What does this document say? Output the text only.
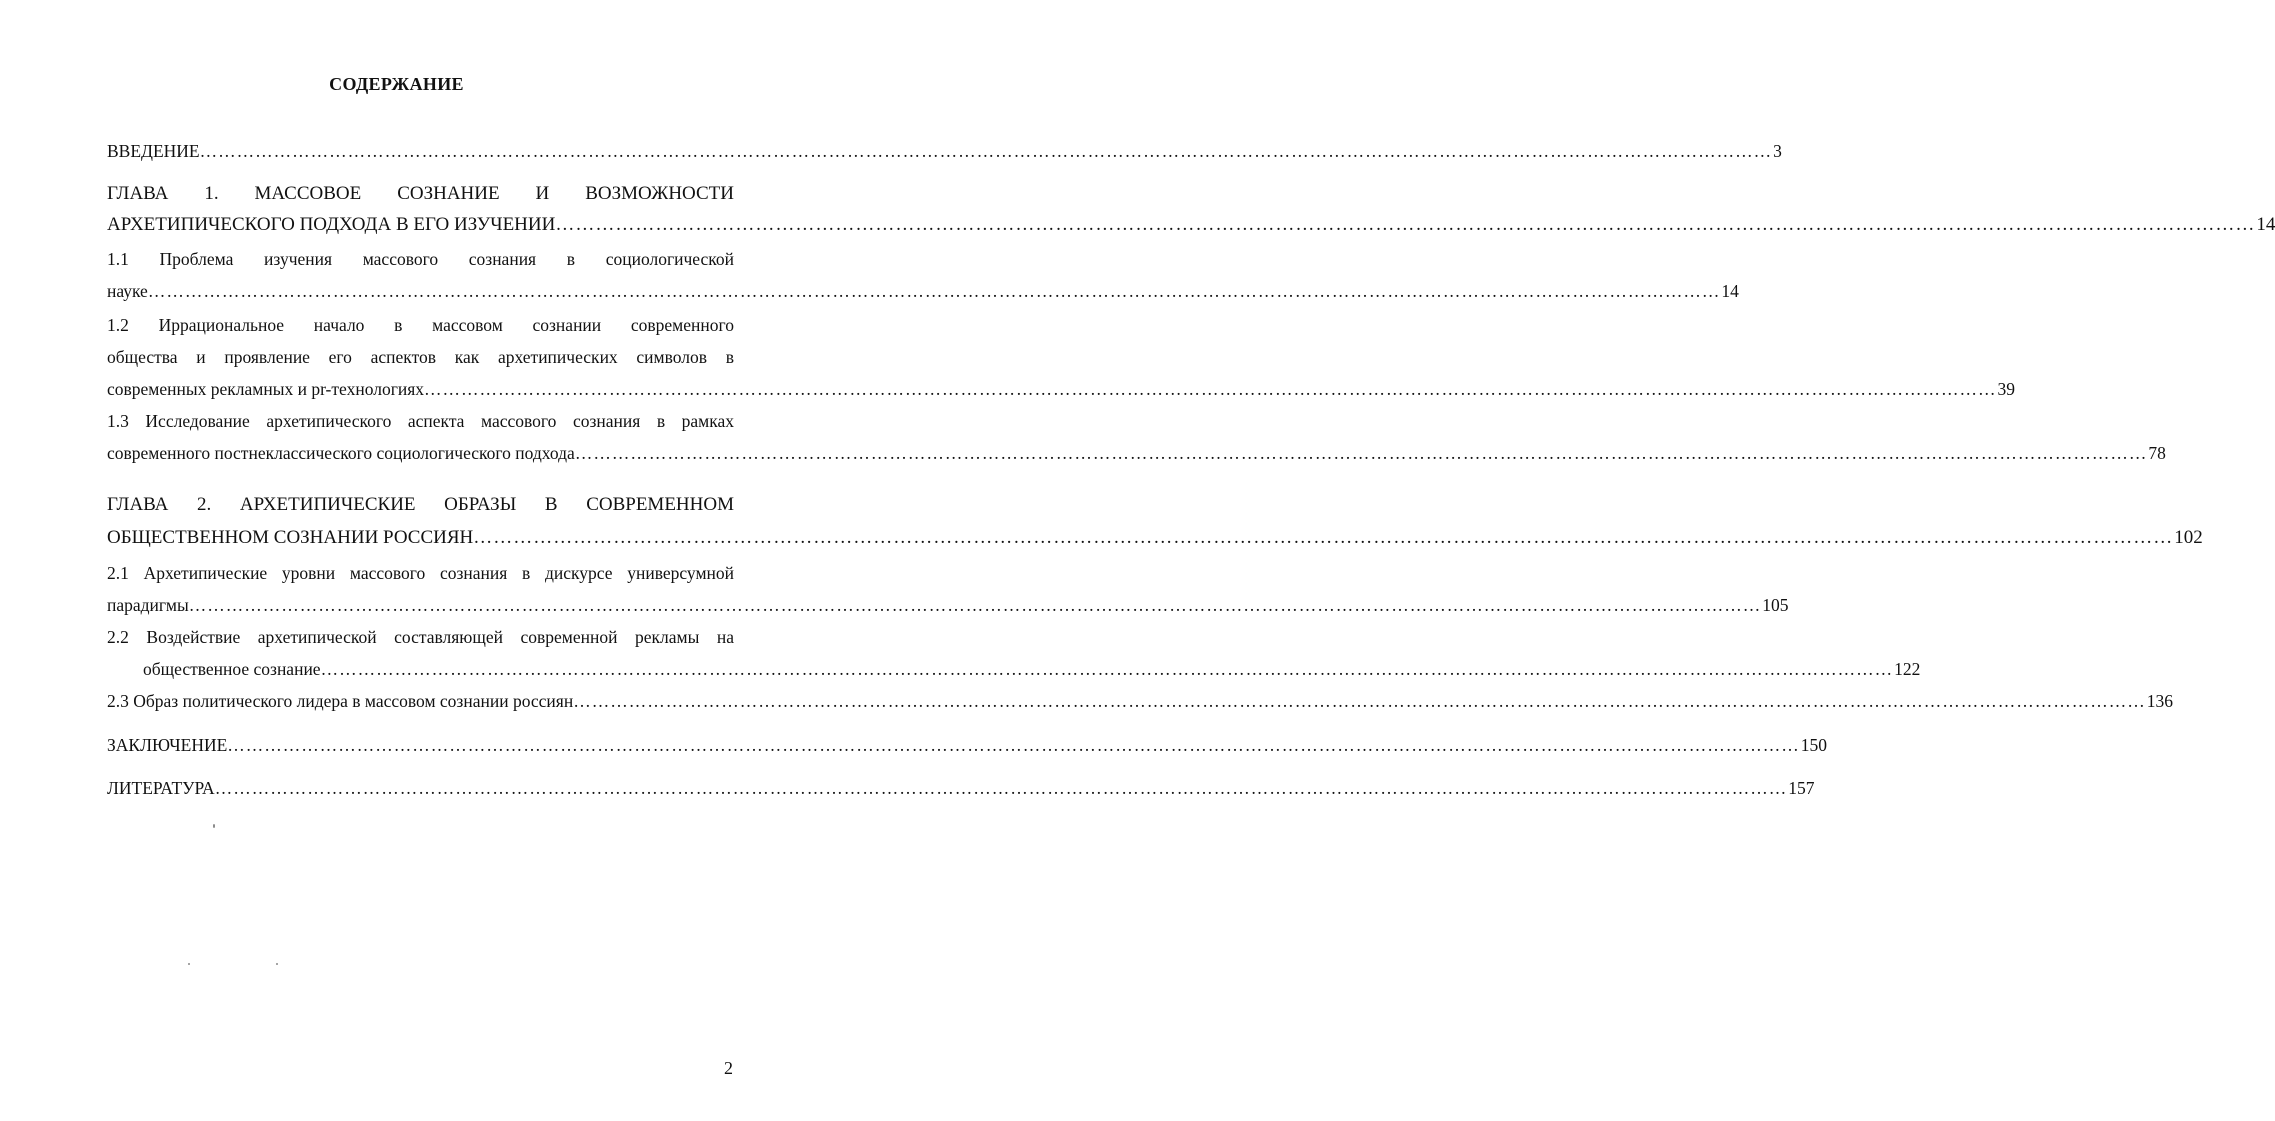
СОДЕРЖАНИЕ
ВВЕДЕНИЕ ………………………………………………………………………………………………………………………………………………………………………………………………………………………………… 3
ГЛАВА 1. МАССОВОЕ СОЗНАНИЕ И ВОЗМОЖНОСТИ
АРХЕТИПИЧЕСКОГО ПОДХОДА В ЕГО ИЗУЧЕНИИ ………………………………………………………………………………………………………………………………………………………………………………………………………………………………… 14
1.1 Проблема изучения массового сознания в социологической
науке ………………………………………………………………………………………………………………………………………………………………………………………………………………………………… 14
1.2 Иррациональное начало в массовом сознании современного
общества и проявление его аспектов как архетипических символов в
современных рекламных и pr-технологиях ………………………………………………………………………………………………………………………………………………………………………………………………………………………………… 39
1.3 Исследование архетипического аспекта массового сознания в рамках
современного постнеклассического социологического подхода ………………………………………………………………………………………………………………………………………………………………………………………………………………………………… 78
ГЛАВА 2. АРХЕТИПИЧЕСКИЕ ОБРАЗЫ В СОВРЕМЕННОМ
ОБЩЕСТВЕННОМ СОЗНАНИИ РОССИЯН ………………………………………………………………………………………………………………………………………………………………………………………………………………………………… 102
2.1 Архетипические уровни массового сознания в дискурсе универсумной
парадигмы ………………………………………………………………………………………………………………………………………………………………………………………………………………………………… 105
2.2 Воздействие архетипической составляющей современной рекламы на
общественное сознание ………………………………………………………………………………………………………………………………………………………………………………………………………………………………… 122
2.3 Образ политического лидера в массовом сознании россиян ………………………………………………………………………………………………………………………………………………………………………………………………………………………………… 136
ЗАКЛЮЧЕНИЕ ………………………………………………………………………………………………………………………………………………………………………………………………………………………………… 150
ЛИТЕРАТУРА ………………………………………………………………………………………………………………………………………………………………………………………………………………………………… 157
2
